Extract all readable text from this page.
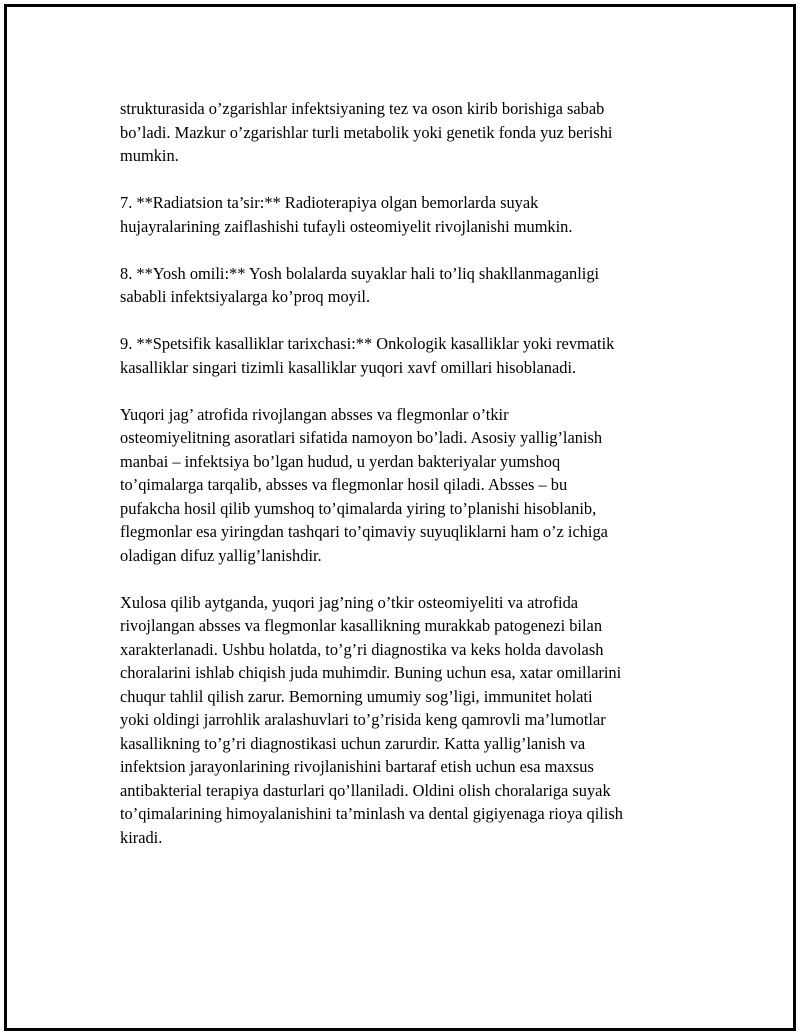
strukturasida o’zgarishlar infektsiyaning tez va oson kirib borishiga sabab
bo’ladi. Mazkur o’zgarishlar turli metabolik yoki genetik fonda yuz berishi
mumkin.

7. **Radiatsion ta’sir:** Radioterapiya olgan bemorlarda suyak
hujayralarining zaiflashishi tufayli osteomiyelit rivojlanishi mumkin.

8. **Yosh omili:** Yosh bolalarda suyaklar hali to’liq shakllanmaganligi
sababli infektsiyalarga ko’proq moyil.

9. **Spetsifik kasalliklar tarixchasi:** Onkologik kasalliklar yoki revmatik
kasalliklar singari tizimli kasalliklar yuqori xavf omillari hisoblanadi.

Yuqori jag’ atrofida rivojlangan absses va flegmonlar o’tkir
osteomiyelitning asoratlari sifatida namoyon bo’ladi. Asosiy yallig’lanish
manbai – infektsiya bo’lgan hudud, u yerdan bakteriyalar yumshoq
to’qimalarga tarqalib, absses va flegmonlar hosil qiladi. Absses – bu
pufakcha hosil qilib yumshoq to’qimalarda yiring to’planishi hisoblanib,
flegmonlar esa yiringdan tashqari to’qimaviy suyuqliklarni ham o’z ichiga
oladigan difuz yallig’lanishdir.

Xulosa qilib aytganda, yuqori jag’ning o’tkir osteomiyeliti va atrofida
rivojlangan absses va flegmonlar kasallikning murakkab patogenezi bilan
xarakterlanadi. Ushbu holatda, to’g’ri diagnostika va keks holda davolash
choralarini ishlab chiqish juda muhimdir. Buning uchun esa, xatar omillarini
chuqur tahlil qilish zarur. Bemorning umumiy sog’ligi, immunitet holati
yoki oldingi jarrohlik aralashuvlari to’g’risida keng qamrovli ma’lumotlar
kasallikning to’g’ri diagnostikasi uchun zarurdir. Katta yallig’lanish va
infektsion jarayonlarining rivojlanishini bartaraf etish uchun esa maxsus
antibakterial terapiya dasturlari qo’llaniladi. Oldini olish choralariga suyak
to’qimalarining himoyalanishini ta’minlash va dental gigiyenaga rioya qilish
kiradi.
